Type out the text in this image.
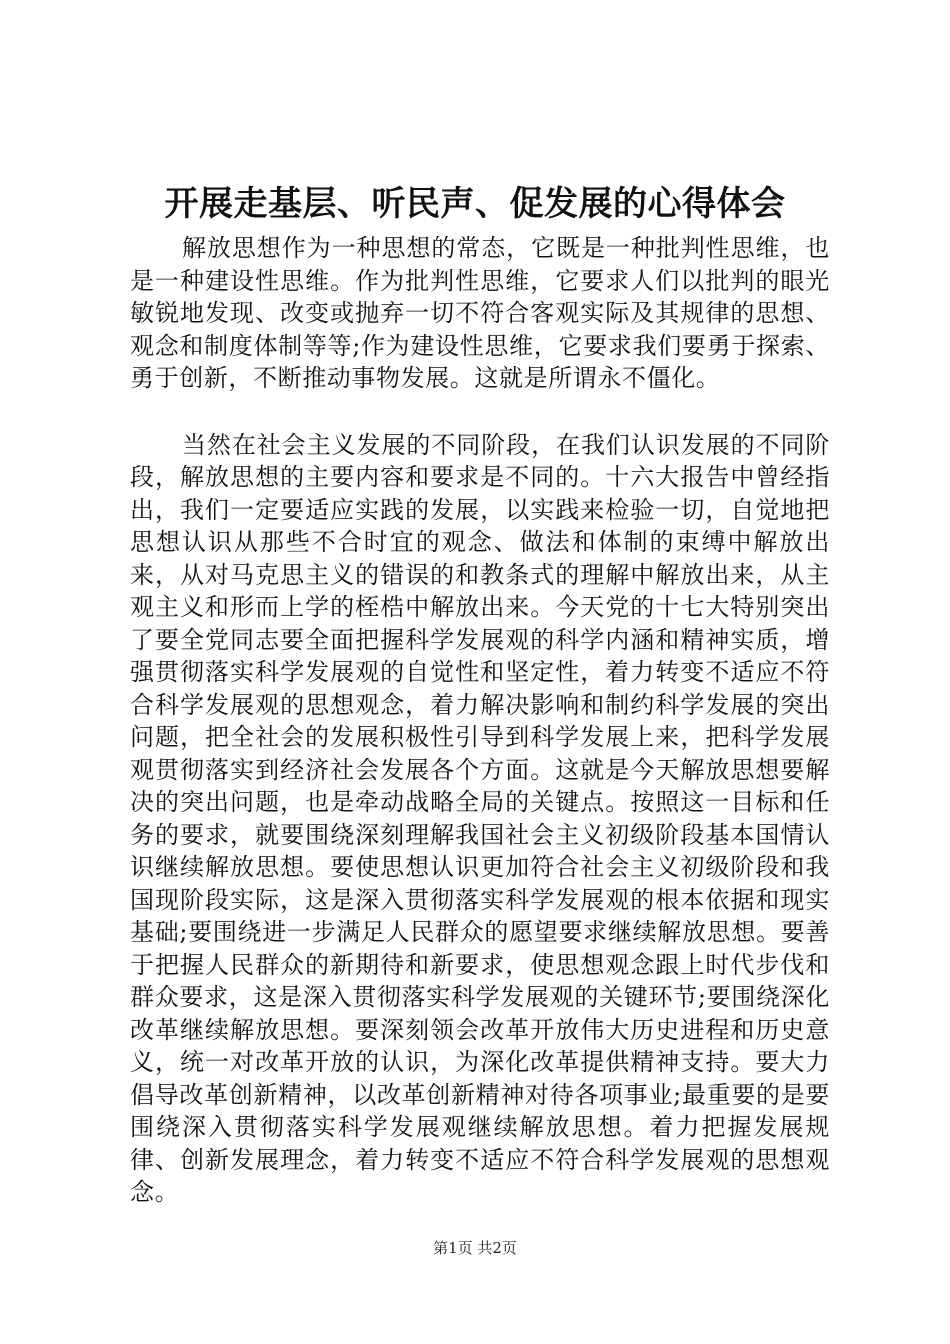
开展走基层、听民声、促发展的心得体会

解放思想作为一种思想的常态，它既是一种批判性思维，也是一种建设性思维。作为批判性思维，它要求人们以批判的眼光敏锐地发现、改变或抛弃一切不符合客观实际及其规律的思想、观念和制度体制等等;作为建设性思维，它要求我们要勇于探索、勇于创新，不断推动事物发展。这就是所谓永不僵化。

当然在社会主义发展的不同阶段，在我们认识发展的不同阶段，解放思想的主要内容和要求是不同的。十六大报告中曾经指出，我们一定要适应实践的发展，以实践来检验一切，自觉地把思想认识从那些不合时宜的观念、做法和体制的束缚中解放出来，从对马克思主义的错误的和教条式的理解中解放出来，从主观主义和形而上学的桎梏中解放出来。今天党的十七大特别突出了要全党同志要全面把握科学发展观的科学内涵和精神实质，增强贯彻落实科学发展观的自觉性和坚定性，着力转变不适应不符合科学发展观的思想观念，着力解决影响和制约科学发展的突出问题，把全社会的发展积极性引导到科学发展上来，把科学发展观贯彻落实到经济社会发展各个方面。这就是今天解放思想要解决的突出问题，也是牵动战略全局的关键点。按照这一目标和任务的要求，就要围绕深刻理解我国社会主义初级阶段基本国情认识继续解放思想。要使思想认识更加符合社会主义初级阶段和我国现阶段实际，这是深入贯彻落实科学发展观的根本依据和现实基础;要围绕进一步满足人民群众的愿望要求继续解放思想。要善于把握人民群众的新期待和新要求，使思想观念跟上时代步伐和群众要求，这是深入贯彻落实科学发展观的关键环节;要围绕深化改革继续解放思想。要深刻领会改革开放伟大历史进程和历史意义，统一对改革开放的认识，为深化改革提供精神支持。要大力倡导改革创新精神，以改革创新精神对待各项事业;最重要的是要围绕深入贯彻落实科学发展观继续解放思想。着力把握发展规律、创新发展理念，着力转变不适应不符合科学发展观的思想观念。

第1页 共2页
